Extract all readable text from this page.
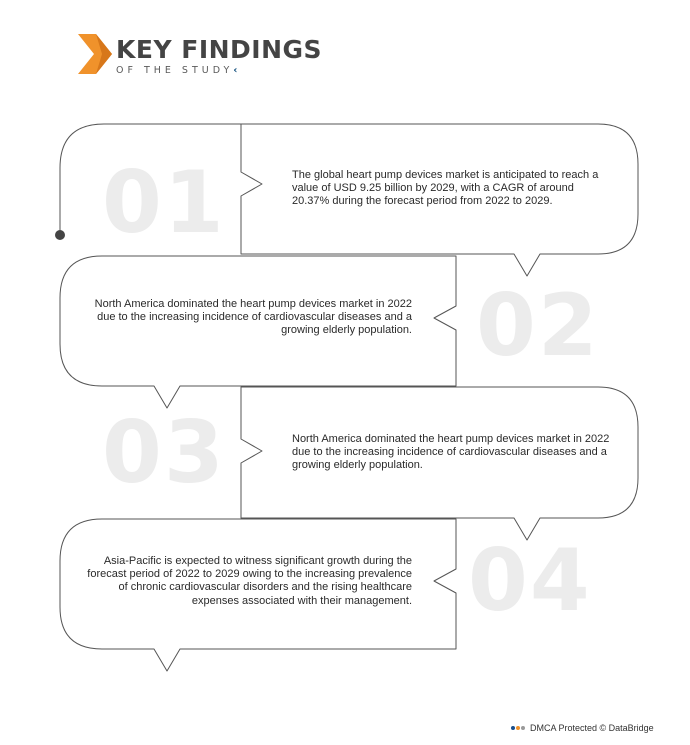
KEY FINDINGS
OF THE STUDY‹
01	The global heart pump devices market is anticipated to reach a value of USD 9.25 billion by 2029, with a CAGR of around 20.37% during the forecast period from 2022 to 2029.
02
North America dominated the heart pump devices market in 2022 due to the increasing incidence of cardiovascular diseases and a growing elderly population.
03	North America dominated the heart pump devices market in 2022 due to the increasing incidence of cardiovascular diseases and a growing elderly population.
04
Asia-Pacific is expected to witness significant growth during the forecast period of 2022 to 2029 owing to the increasing prevalence of chronic cardiovascular disorders and the rising healthcare expenses associated with their management.
DMCA Protected © DataBridge
